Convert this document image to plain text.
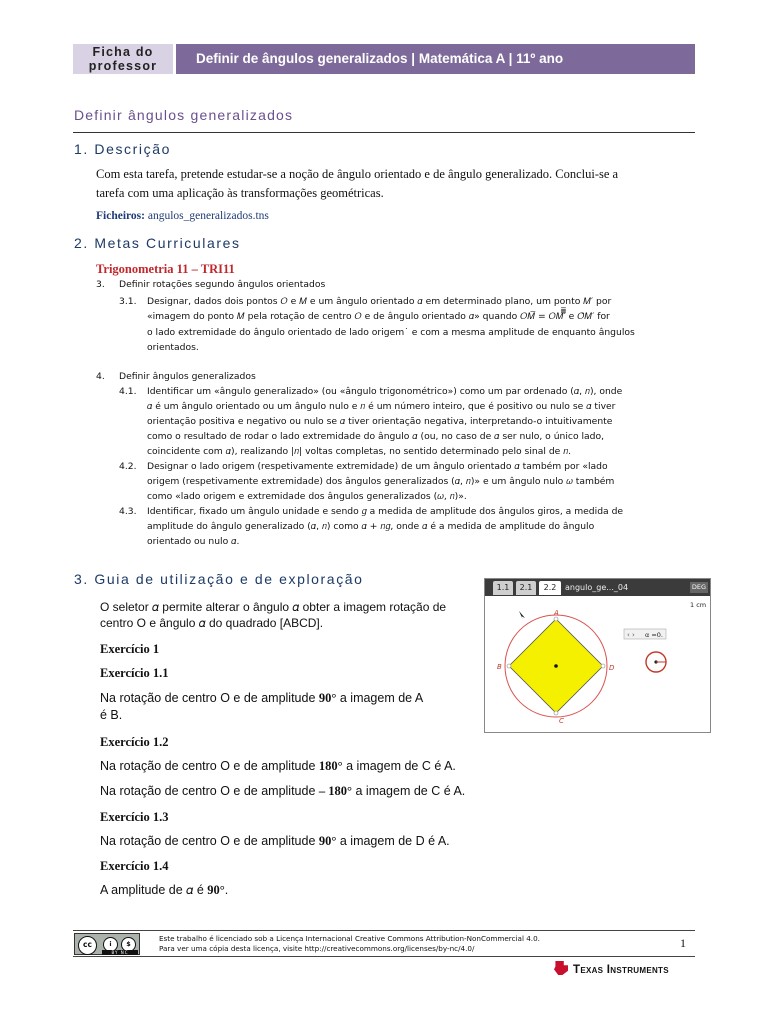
Ficha do professor	Definir de ângulos generalizados | Matemática A | 11º ano
Definir ângulos generalizados
1. Descrição
Com esta tarefa, pretende estudar-se a noção de ângulo orientado e de ângulo generalizado. Conclui-se a
tarefa com uma aplicação às transformações geométricas.
Ficheiros: angulos_generalizados.tns
2. Metas Curriculares
Trigonometria 11 – TRI11
3. Definir rotações segundo ângulos orientados
3.1. Designar, dados dois pontos 𝑂 e 𝑀 e um ângulo orientado 𝛼 em determinado plano, um ponto 𝑀′ por
«imagem do ponto 𝑀 pela rotação de centro 𝑂 e de ângulo orientado 𝛼» quando 𝑂𝑀̅̅̅̅ = 𝑂𝑀′̅̅̅̅̅ e 𝑂̂𝑀′ for
o lado extremidade do ângulo orientado de lado origem˙ e com a mesma amplitude de enquanto ângulos
orientados.
4. Definir ângulos generalizados
4.1. Identificar um «ângulo generalizado» (ou «ângulo trigonométrico») como um par ordenado (𝛼, 𝑛), onde
𝛼 é um ângulo orientado ou um ângulo nulo e 𝑛 é um número inteiro, que é positivo ou nulo se 𝛼 tiver
orientação positiva e negativo ou nulo se 𝛼 tiver orientação negativa, interpretando-o intuitivamente
como o resultado de rodar o lado extremidade do ângulo 𝛼 (ou, no caso de 𝛼 ser nulo, o único lado,
coincidente com 𝛼), realizando |𝑛| voltas completas, no sentido determinado pelo sinal de 𝑛.
4.2. Designar o lado origem (respetivamente extremidade) de um ângulo orientado 𝛼 também por «lado
origem (respetivamente extremidade) dos ângulos generalizados (𝛼, 𝑛)» e um ângulo nulo 𝜔 também
como «lado origem e extremidade dos ângulos generalizados (𝜔, 𝑛)».
4.3. Identificar, fixado um ângulo unidade e sendo 𝑔 a medida de amplitude dos ângulos giros, a medida de
amplitude do ângulo generalizado (𝛼, 𝑛) como 𝛼 + 𝑛𝑔, onde 𝛼 é a medida de amplitude do ângulo
orientado ou nulo 𝛼.
3. Guia de utilização e de exploração
O seletor 𝛼 permite alterar o ângulo 𝛼 obter a imagem rotação de
centro O e ângulo 𝛼 do quadrado [ABCD].
Exercício 1
Exercício 1.1
Na rotação de centro O e de amplitude 90° a imagem de A
é B.
Exercício 1.2
Na rotação de centro O e de amplitude 180° a imagem de C é A.
Na rotação de centro O e de amplitude – 180° a imagem de C é A.
Exercício 1.3
Na rotação de centro O e de amplitude 90° a imagem de D é A.
Exercício 1.4
A amplitude de 𝛼 é 90°.
1.1	2.1	2.2	angulo_ge..._04	DEG
1 cm
‹ › α =0.
A
B
C
D
cc	i	$
BY NC
Este trabalho é licenciado sob a Licença Internacional Creative Commons Attribution-NonCommercial 4.0.
Para ver uma cópia desta licença, visite http://creativecommons.org/licenses/by-nc/4.0/	1
Texas Instruments
